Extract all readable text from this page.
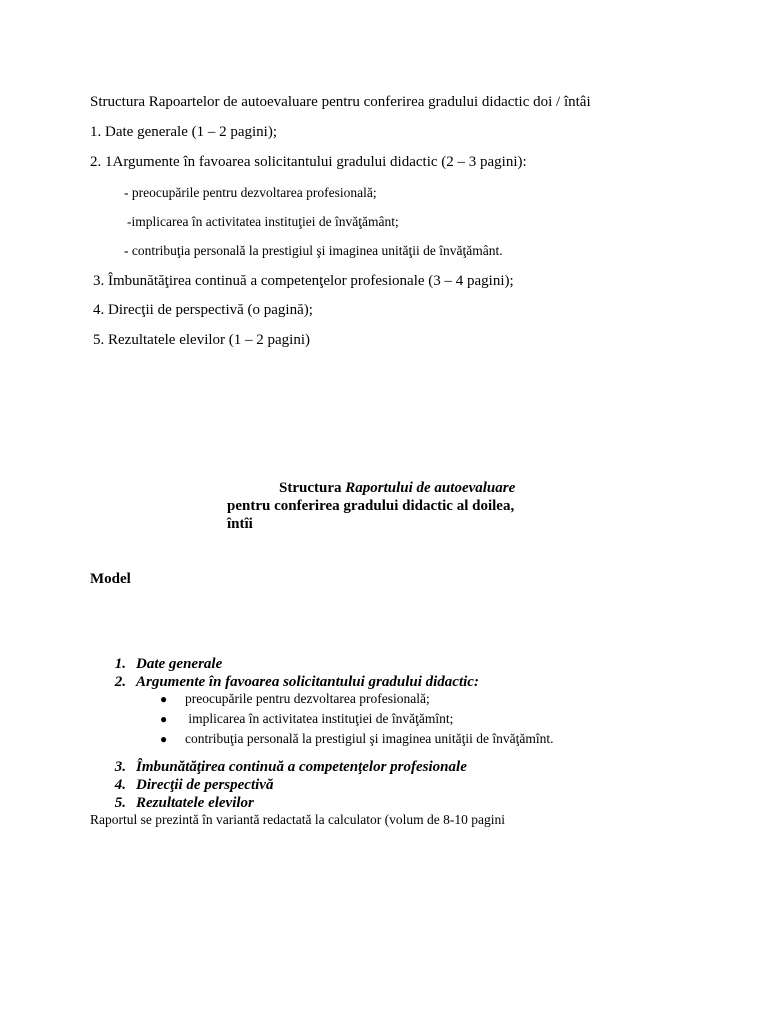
Structura Rapoartelor de autoevaluare pentru conferirea gradului didactic doi / întâi
1. Date generale (1 – 2 pagini);
2. 1Argumente în favoarea solicitantului gradului didactic (2 – 3 pagini):
- preocupările pentru dezvoltarea profesională;
-implicarea în activitatea instituţiei de învăţământ;
- contribuţia personală la prestigiul şi imaginea unităţii de învăţământ.
3. Îmbunătăţirea continuă a competenţelor profesionale (3 – 4 pagini);
4. Direcţii de perspectivă (o pagină);
5. Rezultatele elevilor (1 – 2 pagini)
Structura Raportului de autoevaluare
pentru conferirea gradului didactic al doilea,
întîi
Model
1. Date generale
2. Argumente în favoarea solicitantului gradului didactic:
● preocupările pentru dezvoltarea profesională;
● implicarea în activitatea instituţiei de învăţămînt;
● contribuţia personală la prestigiul şi imaginea unităţii de învăţămînt.
3. Îmbunătăţirea continuă a competenţelor profesionale
4. Direcţii de perspectivă
5. Rezultatele elevilor
Raportul se prezintă în variantă redactată la calculator (volum de 8-10 pagini
